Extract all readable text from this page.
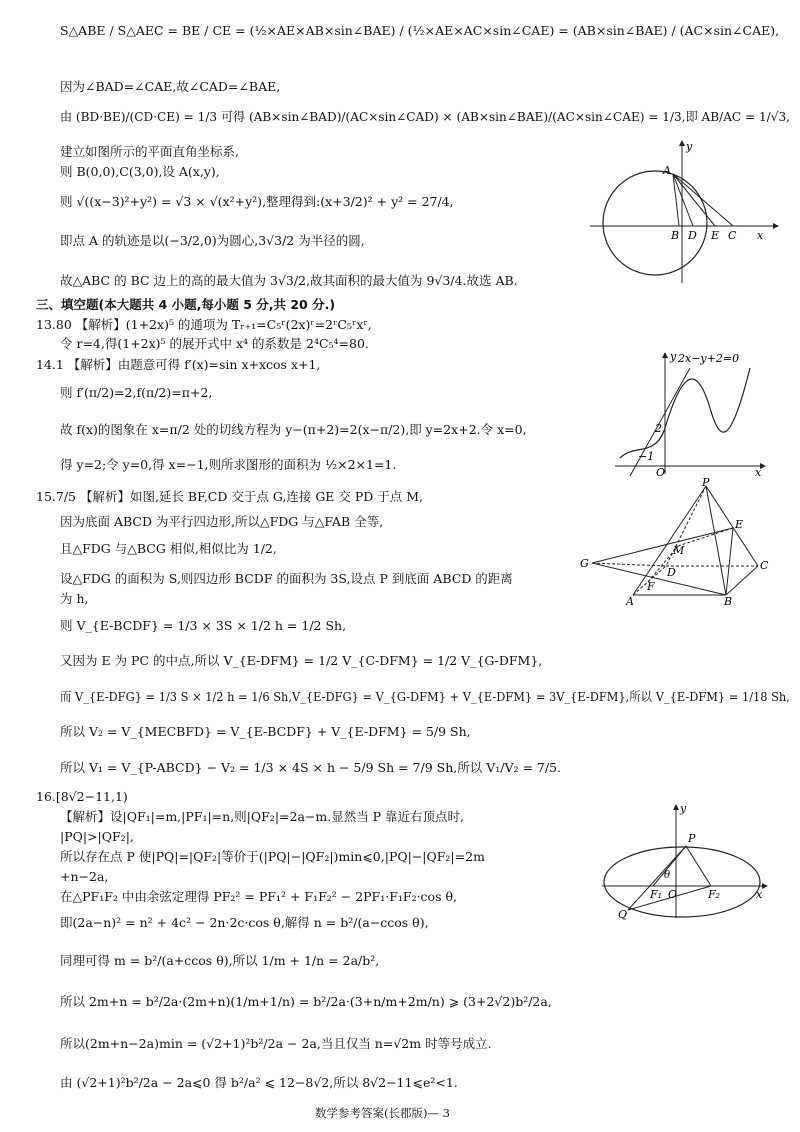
S△ABE / S△AEC = BE / CE = (½×AE×AB×sin∠BAE) / (½×AE×AC×sin∠CAE) = (AB×sin∠BAE) / (AC×sin∠CAE),
因为∠BAD=∠CAE,故∠CAD=∠BAE,
由 (BD·BE)/(CD·CE) = 1/3 可得 (AB×sin∠BAD)/(AC×sin∠CAD) × (AB×sin∠BAE)/(AC×sin∠CAE) = 1/3,即 AB/AC = 1/√3,
建立如图所示的平面直角坐标系,
则 B(0,0),C(3,0),设 A(x,y),
则 √((x−3)²+y²) = √3 × √(x²+y²),整理得到:(x+3/2)² + y² = 27/4,
即点 A 的轨迹是以(−3/2,0)为圆心,3√3/2 为半径的圆,
故△ABC 的 BC 边上的高的最大值为 3√3/2,故其面积的最大值为 9√3/4.故选 AB.
三、填空题(本大题共 4 小题,每小题 5 分,共 20 分.)
13.80 【解析】(1+2x)⁵ 的通项为 Tᵣ₊₁=C₅ʳ(2x)ʳ=2ʳC₅ʳxʳ,
令 r=4,得(1+2x)⁵ 的展开式中 x⁴ 的系数是 2⁴C₅⁴=80.
14.1 【解析】由题意可得 f′(x)=sin x+xcos x+1,
则 f′(π/2)=2,f(π/2)=π+2,
故 f(x)的图象在 x=π/2 处的切线方程为 y−(π+2)=2(x−π/2),即 y=2x+2.令 x=0,
得 y=2;令 y=0,得 x=−1,则所求图形的面积为 ½×2×1=1.
15.7/5 【解析】如图,延长 BF,CD 交于点 G,连接 GE 交 PD 于点 M,
因为底面 ABCD 为平行四边形,所以△FDG 与△FAB 全等,
且△FDG 与△BCG 相似,相似比为 1/2,
设△FDG 的面积为 S,则四边形 BCDF 的面积为 3S,设点 P 到底面 ABCD 的距离
为 h,
则 V_{E-BCDF} = 1/3 × 3S × 1/2 h = 1/2 Sh,
又因为 E 为 PC 的中点,所以 V_{E-DFM} = 1/2 V_{C-DFM} = 1/2 V_{G-DFM},
而 V_{E-DFG} = 1/3 S × 1/2 h = 1/6 Sh,V_{E-DFG} = V_{G-DFM} + V_{E-DFM} = 3V_{E-DFM},所以 V_{E-DFM} = 1/18 Sh,
所以 V₂ = V_{MECBFD} = V_{E-BCDF} + V_{E-DFM} = 5/9 Sh,
所以 V₁ = V_{P-ABCD} − V₂ = 1/3 × 4S × h − 5/9 Sh = 7/9 Sh,所以 V₁/V₂ = 7/5.
16.[8√2−11,1)
【解析】设|QF₁|=m,|PF₁|=n,则|QF₂|=2a−m.显然当 P 靠近右顶点时,
|PQ|>|QF₂|,
所以存在点 P 使|PQ|=|QF₂|等价于(|PQ|−|QF₂|)min⩽0,|PQ|−|QF₂|=2m
+n−2a,
在△PF₁F₂ 中由余弦定理得 PF₂² = PF₁² + F₁F₂² − 2PF₁·F₁F₂·cos θ,
即(2a−n)² = n² + 4c² − 2n·2c·cos θ,解得 n = b²/(a−ccos θ),
同理可得 m = b²/(a+ccos θ),所以 1/m + 1/n = 2a/b²,
所以 2m+n = b²/2a·(2m+n)(1/m+1/n) = b²/2a·(3+n/m+2m/n) ⩾ (3+2√2)b²/2a,
所以(2m+n−2a)min = (√2+1)²b²/2a − 2a,当且仅当 n=√2m 时等号成立.
由 (√2+1)²b²/2a − 2a⩽0 得 b²/a² ⩽ 12−8√2,所以 8√2−11⩽e²<1.
y
A
B D E C x
y 2x−y+2=0
2
−1
O	x
P
E
M
G
D
C
F
A	B
y
P
θ
F₁ O	F₂
Q
x
数学参考答案(长郡版)— 3
